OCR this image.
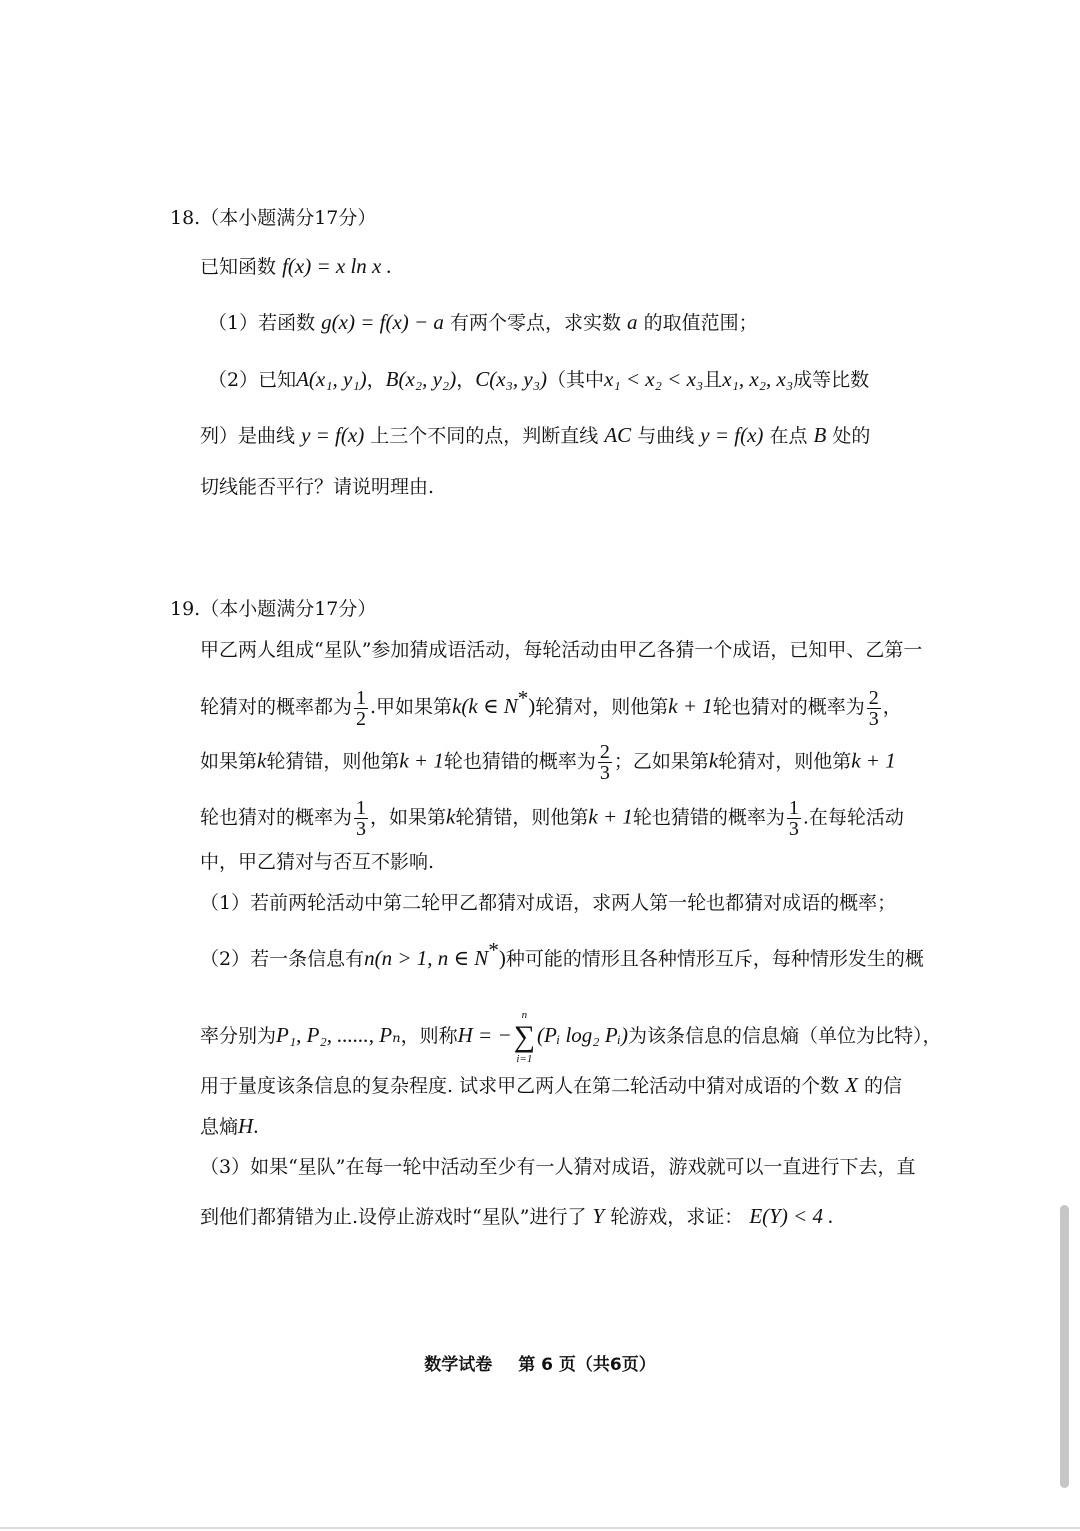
18.（本小题满分17分）
已知函数 f(x) = x ln x .
（1）若函数 g(x) = f(x) − a 有两个零点，求实数 a 的取值范围；
（2）已知A(x₁, y₁)，B(x₂, y₂)，C(x₃, y₃)（其中x₁ < x₂ < x₃且x₁, x₂, x₃成等比数
列）是曲线 y = f(x) 上三个不同的点，判断直线 AC 与曲线 y = f(x) 在点 B 处的
切线能否平行？请说明理由.
19.（本小题满分17分）
甲乙两人组成“星队”参加猜成语活动，每轮活动由甲乙各猜一个成语，已知甲、乙第一
轮猜对的概率都为 $\frac{1}{2}$ .甲如果第k(k ∈ N*)轮猜对，则他第k + 1轮也猜对的概率为 $\frac{2}{3}$ ，
如果第k轮猜错，则他第k + 1轮也猜错的概率为 $\frac{2}{3}$ ；乙如果第k轮猜对，则他第k + 1
轮也猜对的概率为 $\frac{1}{3}$ ，如果第k轮猜错，则他第k + 1轮也猜错的概率为 $\frac{1}{3}$ .在每轮活动
中，甲乙猜对与否互不影响.
（1）若前两轮活动中第二轮甲乙都猜对成语，求两人第一轮也都猜对成语的概率；
（2）若一条信息有n(n > 1, n ∈ N*)种可能的情形且各种情形互斥，每种情形发生的概
率分别为P₁, P₂, ......, Pₙ，则称H = −
n
∑
i=1
(Pᵢ log₂ Pᵢ)为该条信息的信息熵（单位为比特），
用于量度该条信息的复杂程度. 试求甲乙两人在第二轮活动中猜对成语的个数 X 的信
息熵H.
（3）如果“星队”在每一轮中活动至少有一人猜对成语，游戏就可以一直进行下去，直
到他们都猜错为止.设停止游戏时“星队”进行了 Y 轮游戏，求证： E(Y) < 4 .
数学试卷 第 6 页（共6页）
